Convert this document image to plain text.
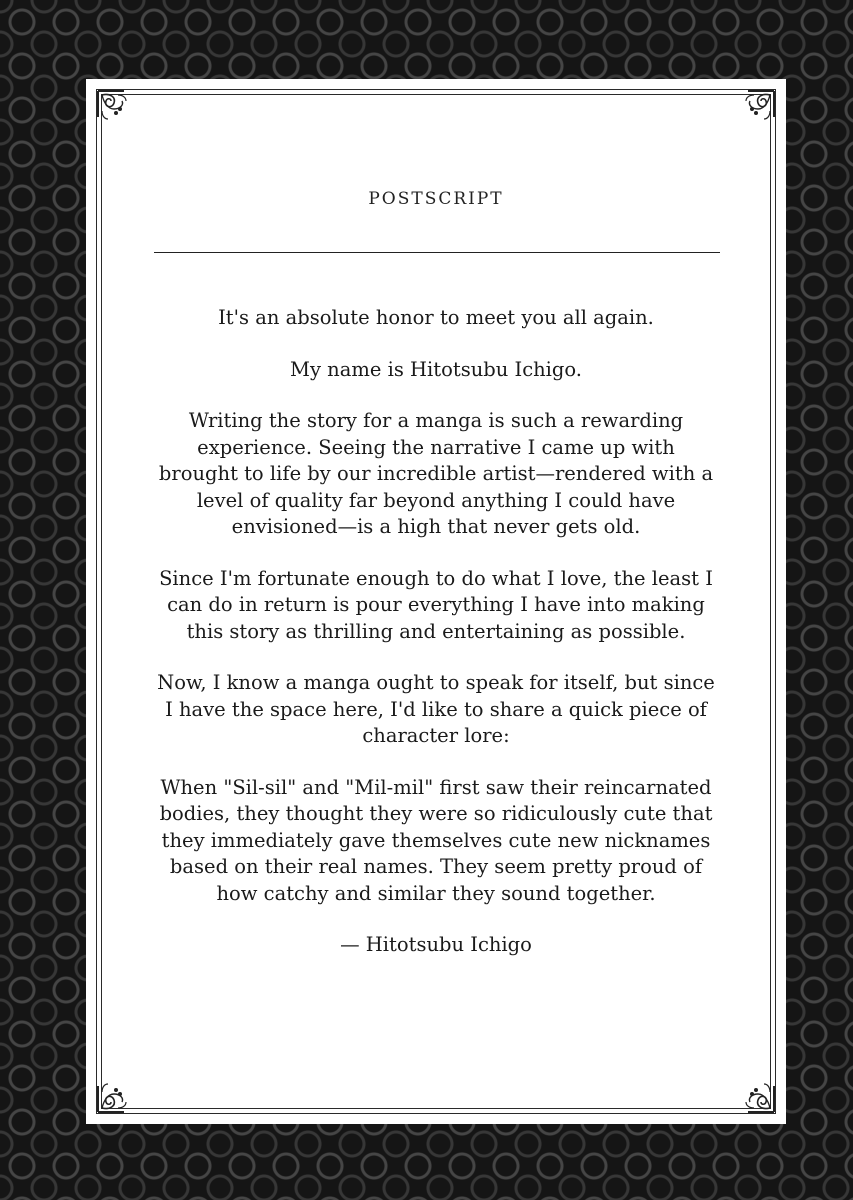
POSTSCRIPT

It's an absolute honor to meet you all again.

My name is Hitotsubu Ichigo.

Writing the story for a manga is such a rewarding experience. Seeing the narrative I came up with brought to life by our incredible artist—rendered with a level of quality far beyond anything I could have envisioned—is a high that never gets old.

Since I'm fortunate enough to do what I love, the least I can do in return is pour everything I have into making this story as thrilling and entertaining as possible.

Now, I know a manga ought to speak for itself, but since I have the space here, I'd like to share a quick piece of character lore:

When "Sil-sil" and "Mil-mil" first saw their reincarnated bodies, they thought they were so ridiculously cute that they immediately gave themselves cute new nicknames based on their real names. They seem pretty proud of how catchy and similar they sound together.

— Hitotsubu Ichigo
